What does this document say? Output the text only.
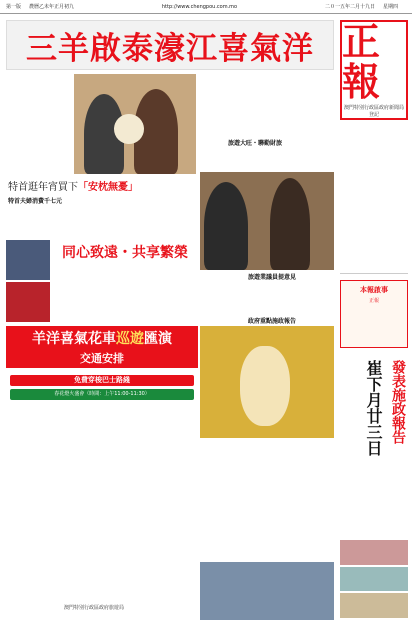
第一版 農曆乙未年正月初九	http://www.chengpou.com.mo	二０一五年二月十九日 星期四
三羊啟泰濠江喜氣洋 正報
澳門特別行政區政府新聞局登記
特首逛年宵買下「安枕無憂」
特首夫婦消費千七元
旅遊大旺・聯勤財旅
同心致遠・共享繁榮
旅遊業議員提意見
政府重點施政報告
羊洋喜氣花車巡遊匯演
交通安排
免費穿梭巴士路綫
春花燈火盛會（時間：上午11:00-11:30）
澳門特別行政區政府旅遊局
本報啟事
正報
崔下月廿三日 發表施政報告
